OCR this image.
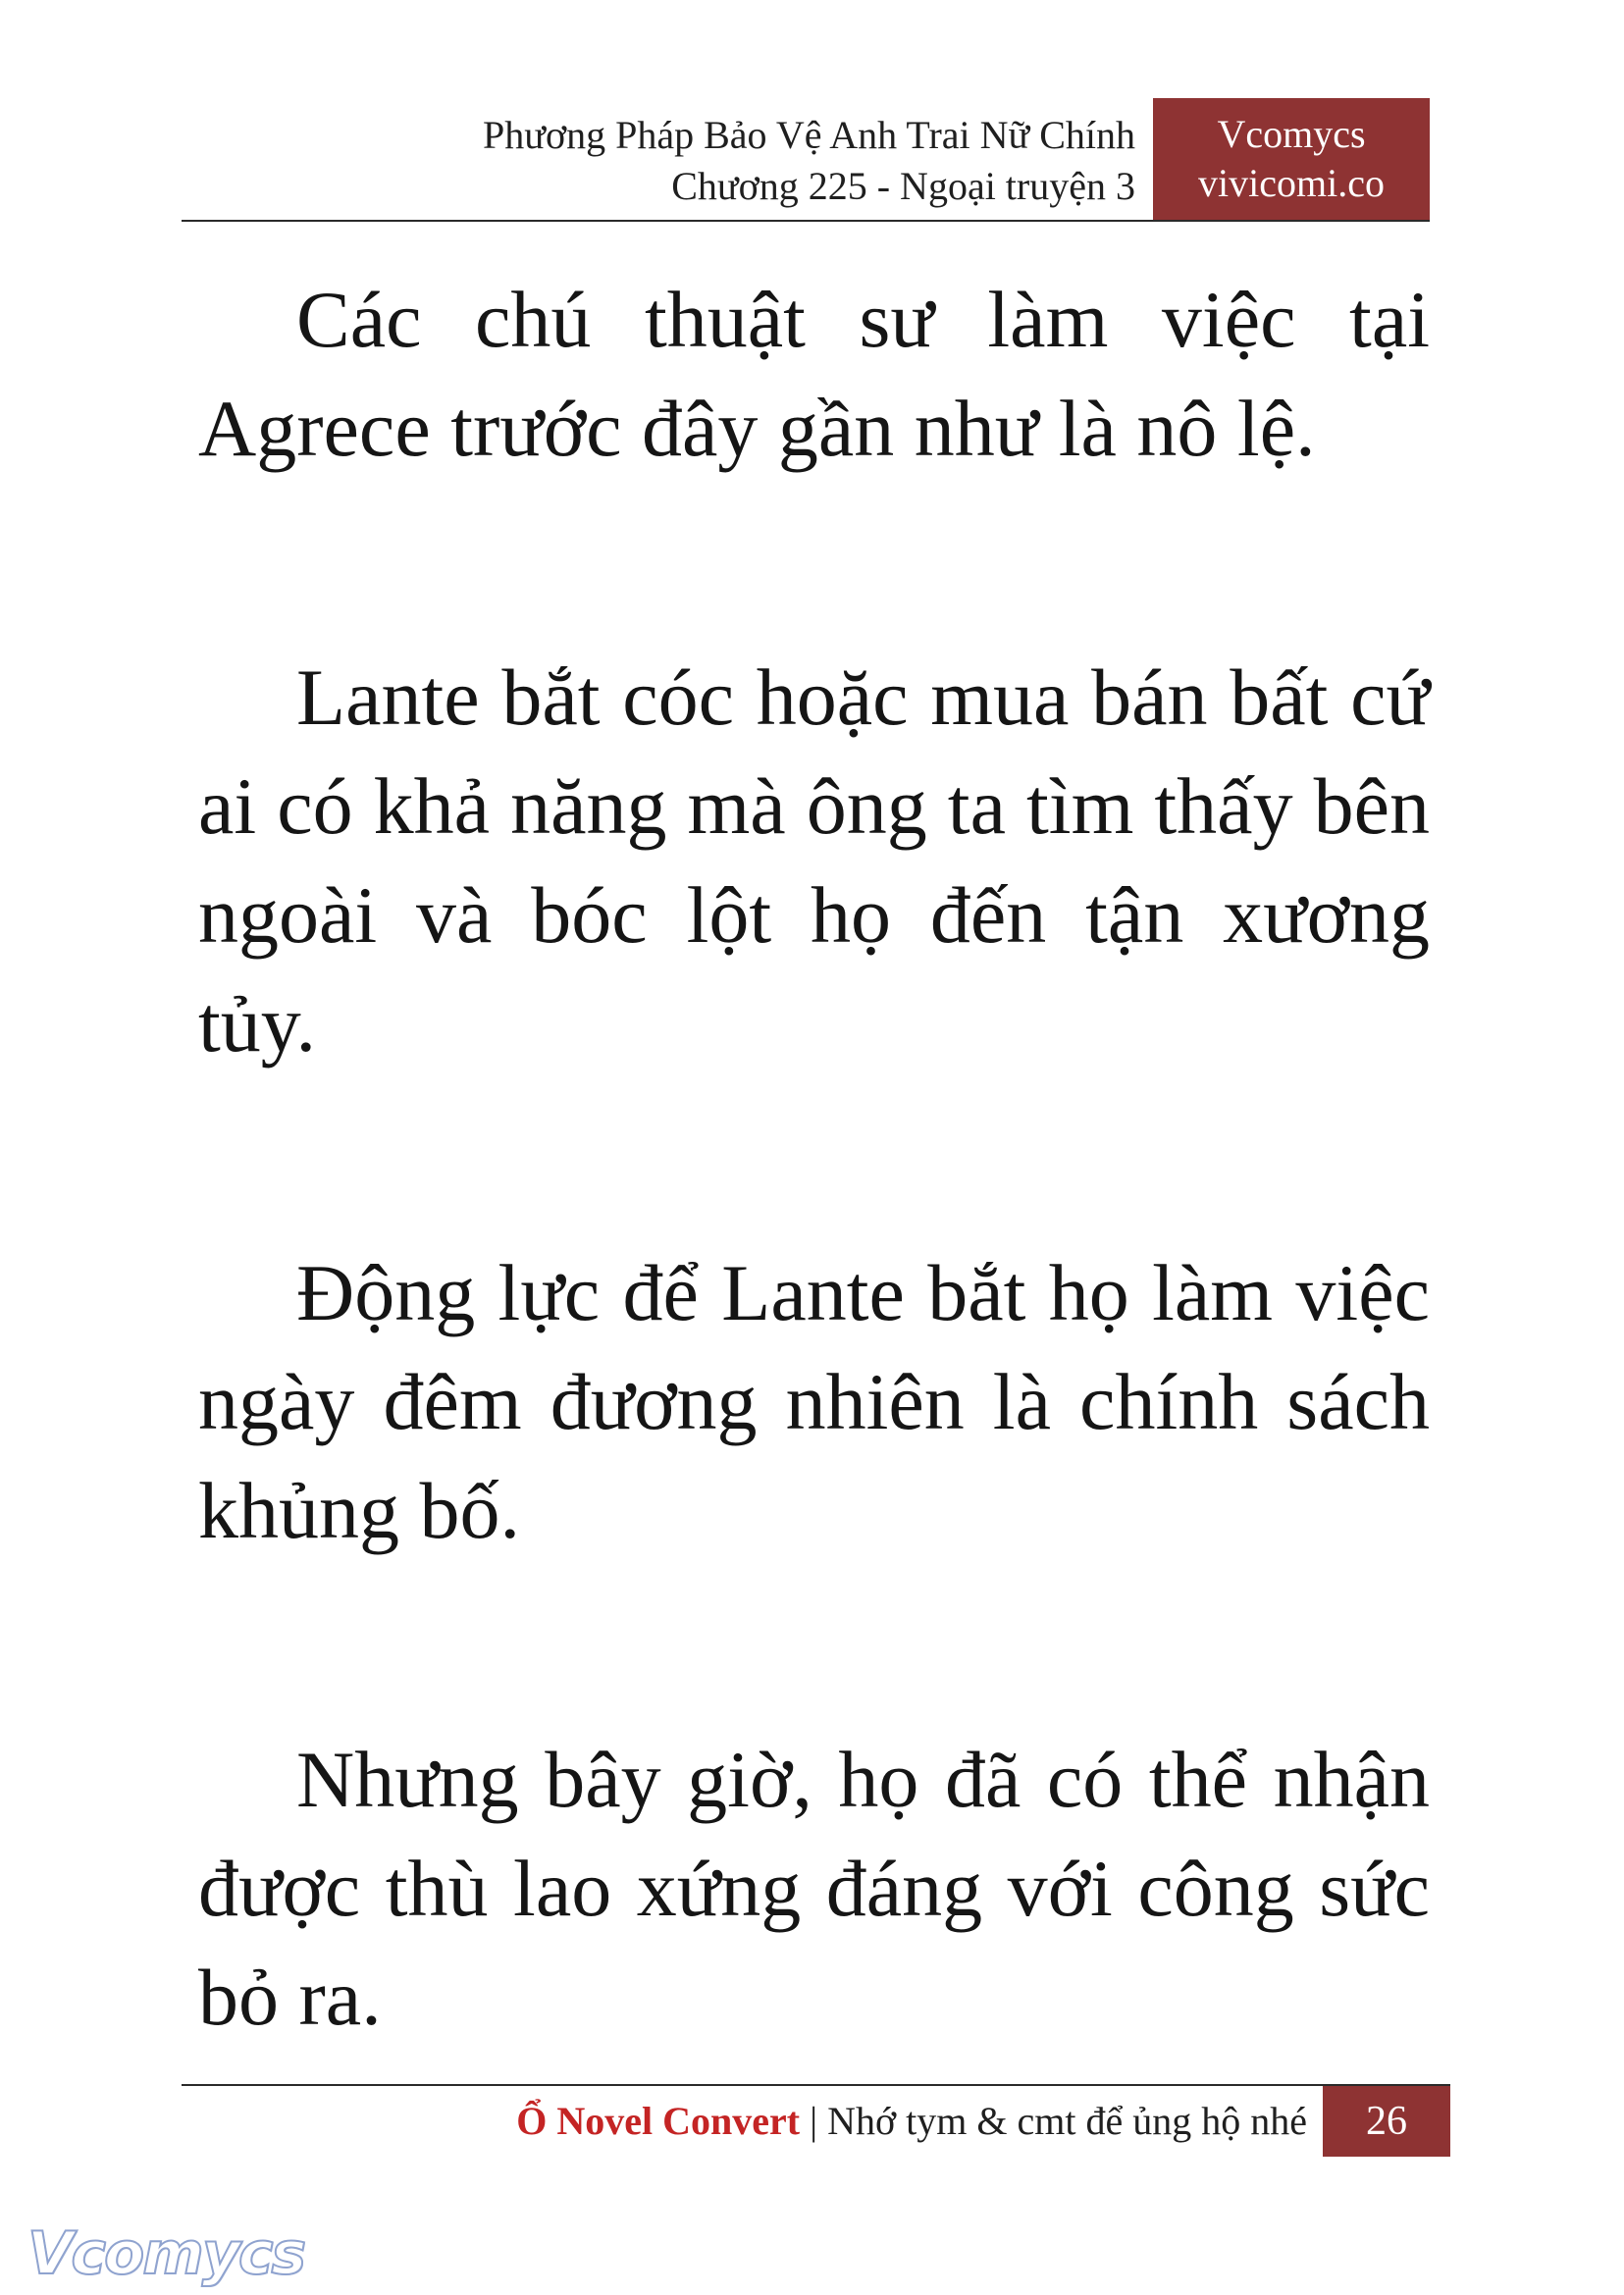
Phương Pháp Bảo Vệ Anh Trai Nữ Chính
Chương 225 - Ngoại truyện 3
Vcomycs
vivicomi.co

Các chú thuật sư làm việc tại Agrece trước đây gần như là nô lệ.

Lante bắt cóc hoặc mua bán bất cứ ai có khả năng mà ông ta tìm thấy bên ngoài và bóc lột họ đến tận xương tủy.

Động lực để Lante bắt họ làm việc ngày đêm đương nhiên là chính sách khủng bố.

Nhưng bây giờ, họ đã có thể nhận được thù lao xứng đáng với công sức bỏ ra.

Ổ Novel Convert | Nhớ tym & cmt để ủng hộ nhé	26
Vcomycs
